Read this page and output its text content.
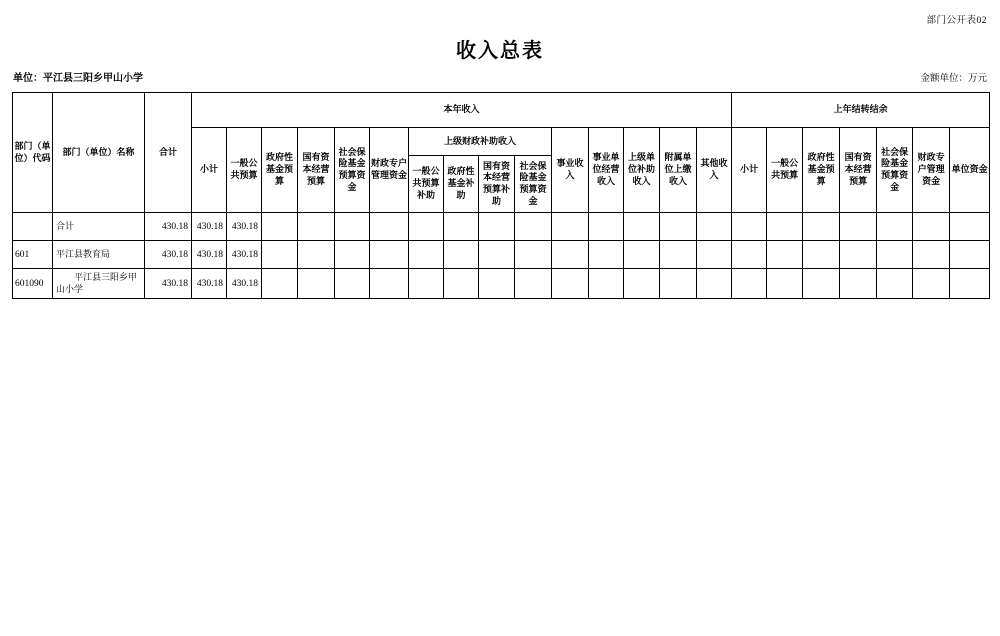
部门公开表02
收入总表
单位：平江县三阳乡甲山小学	金额单位：万元
部门（单位）代码	部门（单位）名称	合计	本年收入															上年结转结余						
			小计	一般公共预算	政府性基金预算	国有资本经营预算	社会保险基金预算资金	财政专户管理资金	上级财政补助收入				事业收入	事业单位经营收入	上级单位补助收入	附属单位上缴收入	其他收入	小计	一般公共预算	政府性基金预算	国有资本经营预算	社会保险基金预算资金	财政专户管理资金	单位资金
									一般公共预算补助	政府性基金补助	国有资本经营预算补助	社会保险基金预算资金												
	合计	430.18	430.18	430.18																				
601	平江县教育局	430.18	430.18	430.18																				
601090	　　平江县三阳乡甲山小学	430.18	430.18	430.18																				
